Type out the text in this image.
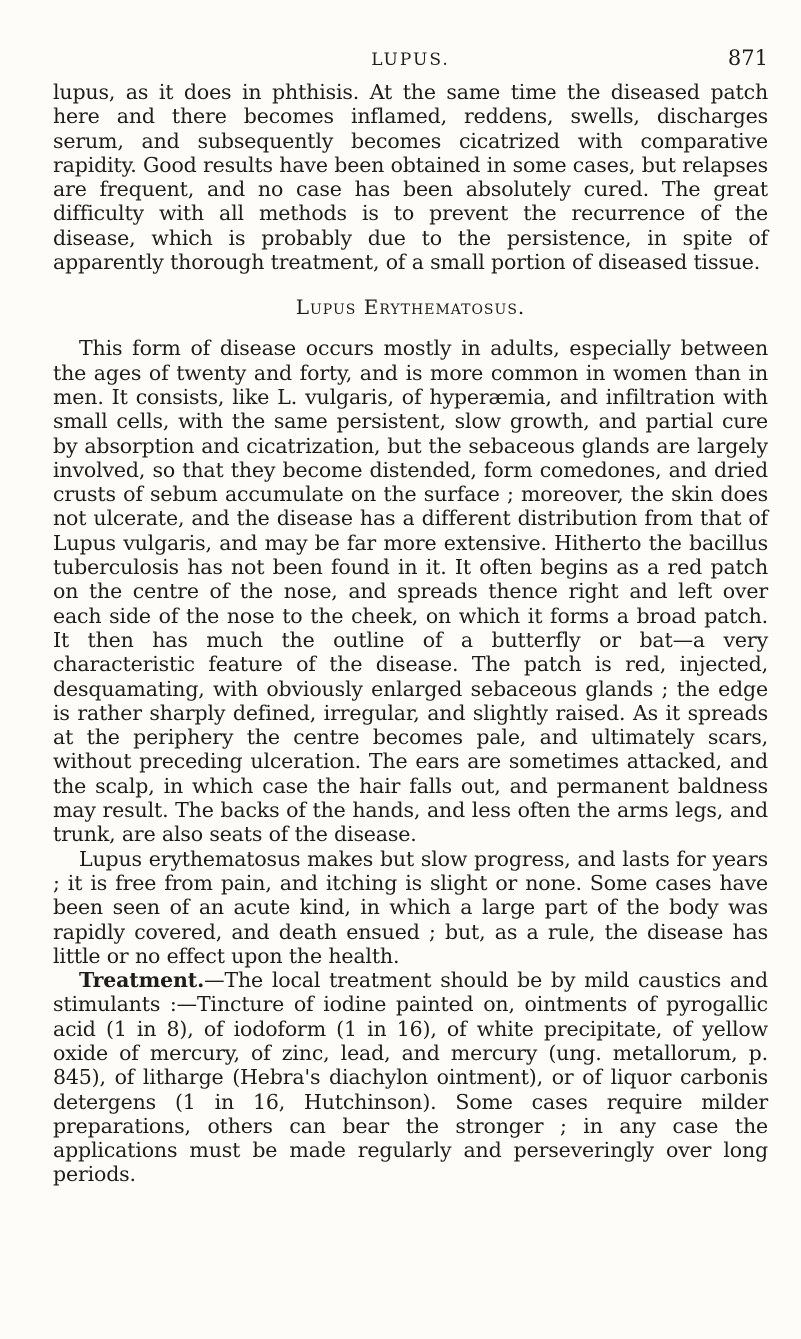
LUPUS.	871

lupus, as it does in phthisis. At the same time the diseased patch here and there becomes inflamed, reddens, swells, discharges serum, and subsequently becomes cicatrized with comparative rapidity. Good results have been obtained in some cases, but relapses are frequent, and no case has been absolutely cured. The great difficulty with all methods is to prevent the recurrence of the disease, which is probably due to the persistence, in spite of apparently thorough treatment, of a small portion of diseased tissue.

Lupus Erythematosus.

This form of disease occurs mostly in adults, especially between the ages of twenty and forty, and is more common in women than in men. It consists, like L. vulgaris, of hyperæmia, and infiltration with small cells, with the same persistent, slow growth, and partial cure by absorption and cicatrization, but the sebaceous glands are largely involved, so that they become distended, form comedones, and dried crusts of sebum accumulate on the surface ; moreover, the skin does not ulcerate, and the disease has a different distribution from that of Lupus vulgaris, and may be far more extensive. Hitherto the bacillus tuberculosis has not been found in it. It often begins as a red patch on the centre of the nose, and spreads thence right and left over each side of the nose to the cheek, on which it forms a broad patch. It then has much the outline of a butterfly or bat—a very characteristic feature of the disease. The patch is red, injected, desquamating, with obviously enlarged sebaceous glands ; the edge is rather sharply defined, irregular, and slightly raised. As it spreads at the periphery the centre becomes pale, and ultimately scars, without preceding ulceration. The ears are sometimes attacked, and the scalp, in which case the hair falls out, and permanent baldness may result. The backs of the hands, and less often the arms legs, and trunk, are also seats of the disease.

Lupus erythematosus makes but slow progress, and lasts for years ; it is free from pain, and itching is slight or none. Some cases have been seen of an acute kind, in which a large part of the body was rapidly covered, and death ensued ; but, as a rule, the disease has little or no effect upon the health.

Treatment.—The local treatment should be by mild caustics and stimulants :—Tincture of iodine painted on, ointments of pyrogallic acid (1 in 8), of iodoform (1 in 16), of white precipitate, of yellow oxide of mercury, of zinc, lead, and mercury (ung. metallorum, p. 845), of litharge (Hebra's diachylon ointment), or of liquor carbonis detergens (1 in 16, Hutchinson). Some cases require milder preparations, others can bear the stronger ; in any case the applications must be made regularly and perseveringly over long periods.
